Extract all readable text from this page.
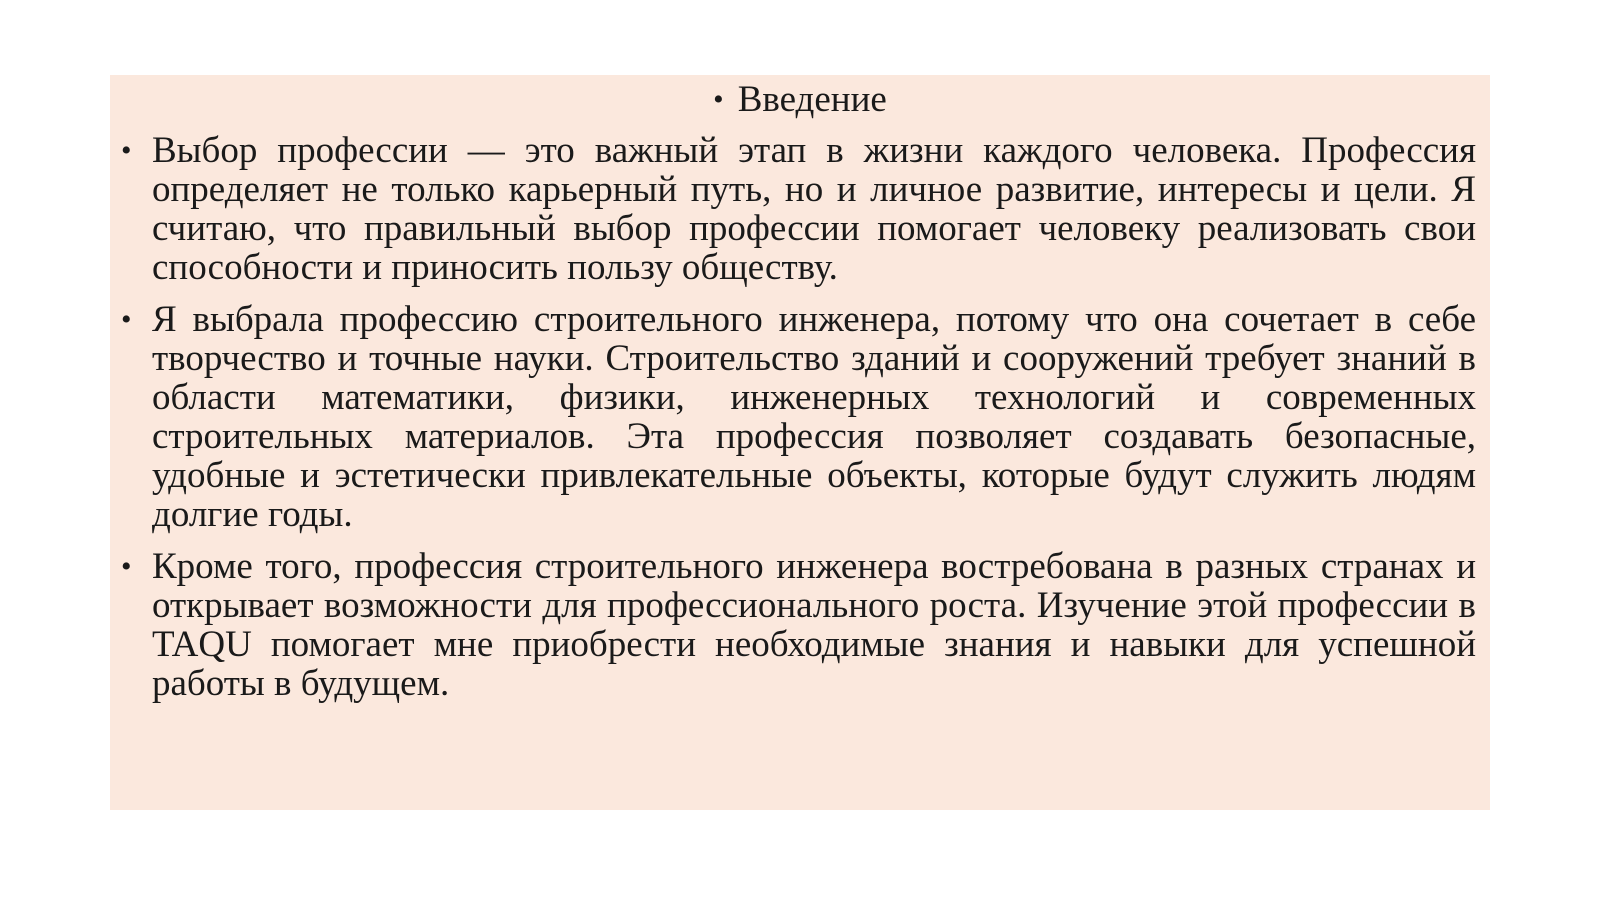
• Введение
• Выбор профессии — это важный этап в жизни каждого человека. Профессия определяет не только карьерный путь, но и личное развитие, интересы и цели. Я считаю, что правильный выбор профессии помогает человеку реализовать свои способности и приносить пользу обществу.
• Я выбрала профессию строительного инженера, потому что она сочетает в себе творчество и точные науки. Строительство зданий и сооружений требует знаний в области математики, физики, инженерных технологий и современных строительных материалов. Эта профессия позволяет создавать безопасные, удобные и эстетически привлекательные объекты, которые будут служить людям долгие годы.
• Кроме того, профессия строительного инженера востребована в разных странах и открывает возможности для профессионального роста. Изучение этой профессии в TAQU помогает мне приобрести необходимые знания и навыки для успешной работы в будущем.
